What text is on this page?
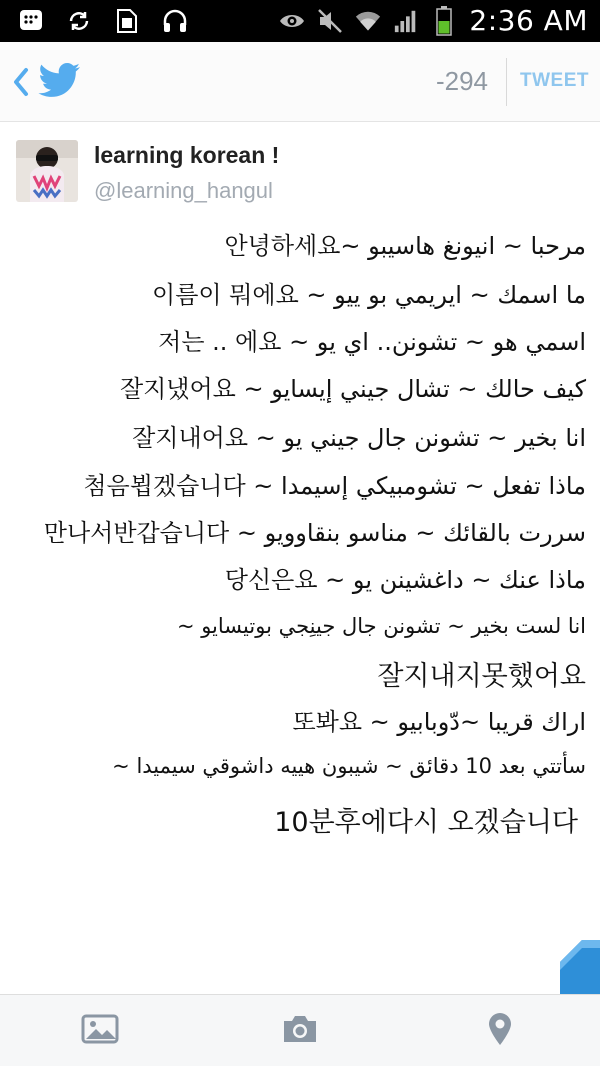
2:36 AM
-294 TWEET
learning korean !
@learning_hangul
مرحبا ~ انيونغ هاسيبو ~안녕하세요
ما اسمك ~ ايريمي بو ييو ~ 이름이 뭐에요
اسمي هو ~ تشونن.. اي يو ~ 저는 .. 에요
كيف حالك ~ تشال جيني إيسايو ~ 잘지냈어요
انا بخير ~ تشونن جال جيني يو ~ 잘지내어요
ماذا تفعل ~ تشومبيكي إسيمدا ~ 첨음뵙겠습니다
سررت بالقائك ~ مناسو بنقاوويو ~ 만나서반갑습니다
ماذا عنك ~ داغشينن يو ~ 당신은요
انا لست بخير ~ تشونن جال جينِجي بوتيسايو ~
잘지내지못했어요
اراك قريبا ~دّوبابيو ~ 또봐요
سأتتي بعد 10 دقائق ~ شيبون هييه داشوقي سيميدا ~
10분후에다시 오겠습니다
